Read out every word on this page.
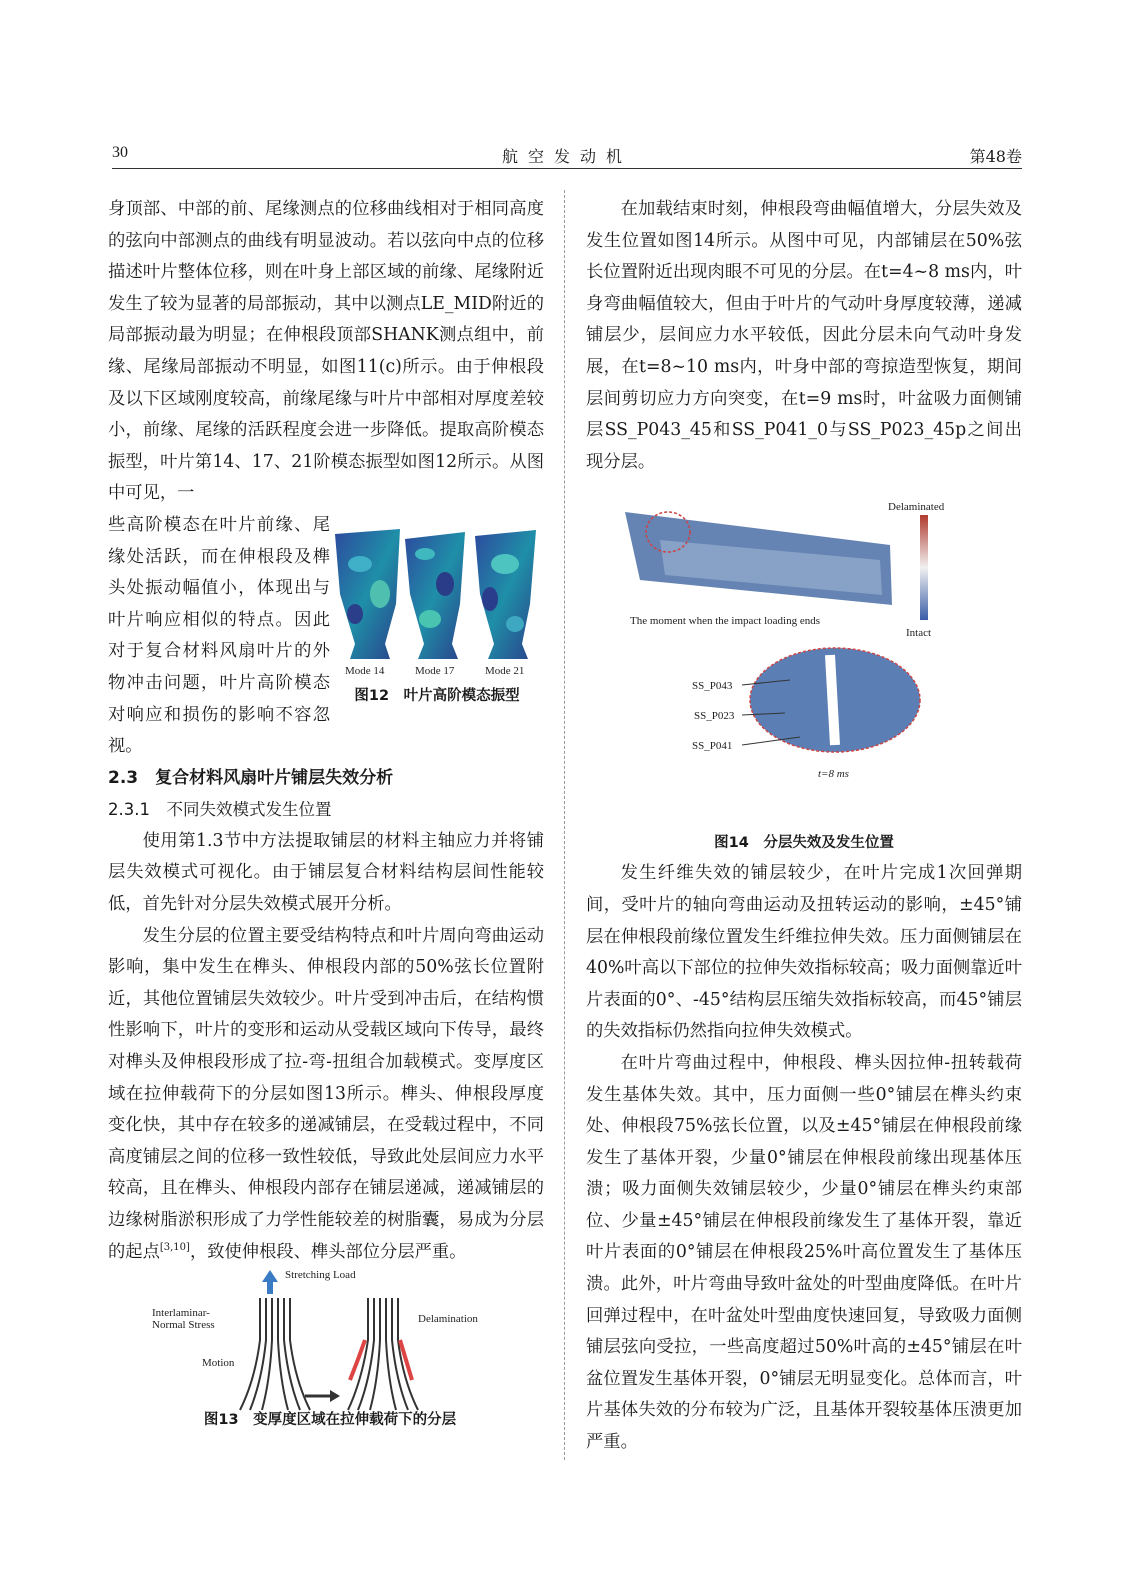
30	航空发动机	第48卷

身顶部、中部的前、尾缘测点的位移曲线相对于相同高度的弦向中部测点的曲线有明显波动。若以弦向中点的位移描述叶片整体位移，则在叶身上部区域的前缘、尾缘附近发生了较为显著的局部振动，其中以测点LE_MID附近的局部振动最为明显；在伸根段顶部SHANK测点组中，前缘、尾缘局部振动不明显，如图11(c)所示。由于伸根段及以下区域刚度较高，前缘尾缘与叶片中部相对厚度差较小，前缘、尾缘的活跃程度会进一步降低。提取高阶模态振型，叶片第14、17、21阶模态振型如图12所示。从图中可见，一

些高阶模态在叶片前缘、尾缘处活跃，而在伸根段及榫头处振动幅值小，体现出与叶片响应相似的特点。因此对于复合材料风扇叶片的外物冲击问题，叶片高阶模态对响应和损伤的影响不容忽视。

2.3　复合材料风扇叶片铺层失效分析

2.3.1　不同失效模式发生位置

使用第1.3节中方法提取铺层的材料主轴应力并将铺层失效模式可视化。由于铺层复合材料结构层间性能较低，首先针对分层失效模式展开分析。

发生分层的位置主要受结构特点和叶片周向弯曲运动影响，集中发生在榫头、伸根段内部的50%弦长位置附近，其他位置铺层失效较少。叶片受到冲击后，在结构惯性影响下，叶片的变形和运动从受载区域向下传导，最终对榫头及伸根段形成了拉-弯-扭组合加载模式。变厚度区域在拉伸载荷下的分层如图13所示。榫头、伸根段厚度变化快，其中存在较多的递减铺层，在受载过程中，不同高度铺层之间的位移一致性较低，导致此处层间应力水平较高，且在榫头、伸根段内部存在铺层递减，递减铺层的边缘树脂淤积形成了力学性能较差的树脂囊，易成为分层的起点[3,10]，致使伸根段、榫头部位分层严重。

Mode 14	Mode 17	Mode 21
图12　叶片高阶模态振型
Stretching Load
Interlaminar-
Normal Stress
Motion
Delamination
图13　变厚度区域在拉伸载荷下的分层

在加载结束时刻，伸根段弯曲幅值增大，分层失效及发生位置如图14所示。从图中可见，内部铺层在50%弦长位置附近出现肉眼不可见的分层。在t=4~8 ms内，叶身弯曲幅值较大，但由于叶片的气动叶身厚度较薄，递减铺层少，层间应力水平较低，因此分层未向气动叶身发展，在t=8~10 ms内，叶身中部的弯掠造型恢复，期间层间剪切应力方向突变，在t=9 ms时，叶盆吸力面侧铺层SS_P043_45和SS_P041_0与SS_P023_45p之间出现分层。

图14　分层失效及发生位置

发生纤维失效的铺层较少，在叶片完成1次回弹期间，受叶片的轴向弯曲运动及扭转运动的影响，±45°铺层在伸根段前缘位置发生纤维拉伸失效。压力面侧铺层在40%叶高以下部位的拉伸失效指标较高；吸力面侧靠近叶片表面的0°、-45°结构层压缩失效指标较高，而45°铺层的失效指标仍然指向拉伸失效模式。

在叶片弯曲过程中，伸根段、榫头因拉伸-扭转载荷发生基体失效。其中，压力面侧一些0°铺层在榫头约束处、伸根段75%弦长位置，以及±45°铺层在伸根段前缘发生了基体开裂，少量0°铺层在伸根段前缘出现基体压溃；吸力面侧失效铺层较少，少量0°铺层在榫头约束部位、少量±45°铺层在伸根段前缘发生了基体开裂，靠近叶片表面的0°铺层在伸根段25%叶高位置发生了基体压溃。此外，叶片弯曲导致叶盆处的叶型曲度降低。在叶片回弹过程中，在叶盆处叶型曲度快速回复，导致吸力面侧铺层弦向受拉，一些高度超过50%叶高的±45°铺层在叶盆位置发生基体开裂，0°铺层无明显变化。总体而言，叶片基体失效的分布较为广泛，且基体开裂较基体压溃更加严重。

Delaminated
Intact
The moment when the impact loading ends
SS_P043
SS_P023
SS_P041
t=8 ms
